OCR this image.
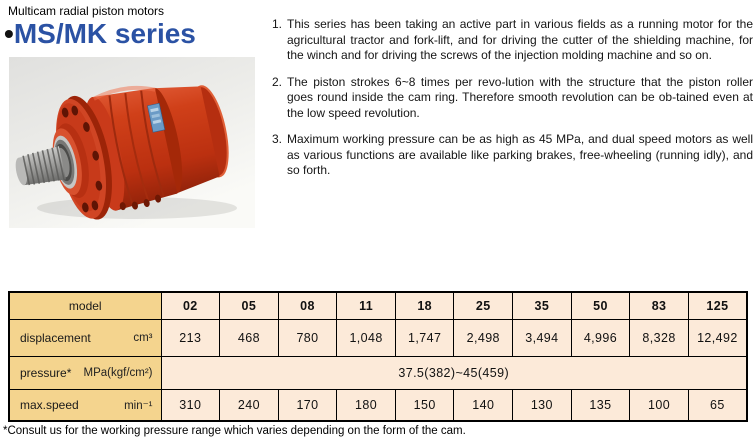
Multicam radial piston motors
•MS/MK series	1. This series has been taking an active part in various fields as a running motor for the agricultural tractor and fork-lift, and for driving the cutter of the shielding machine, for the winch and for driving the screws of the injection molding machine and so on.
2. The piston strokes 6~8 times per revo-lution with the structure that the piston roller goes round inside the cam ring. Therefore smooth revolution can be ob-tained even at the low speed revolution.
3. Maximum working pressure can be as high as 45 MPa, and dual speed motors as well as various functions are available like parking brakes, free-wheeling (running idly), and so forth.
model	02	05	08	11	18	25	35	50	83	125

displacement cm³	213	468	780	1,048	1,747	2,498	3,494	4,996	8,328	12,492

pressure* MPa(kgf/cm²)	37.5(382)~45(459)									

max.speed min⁻¹	310	240	170	180	150	140	130	135	100	65
*Consult us for the working pressure range which varies depending on the form of the cam.
